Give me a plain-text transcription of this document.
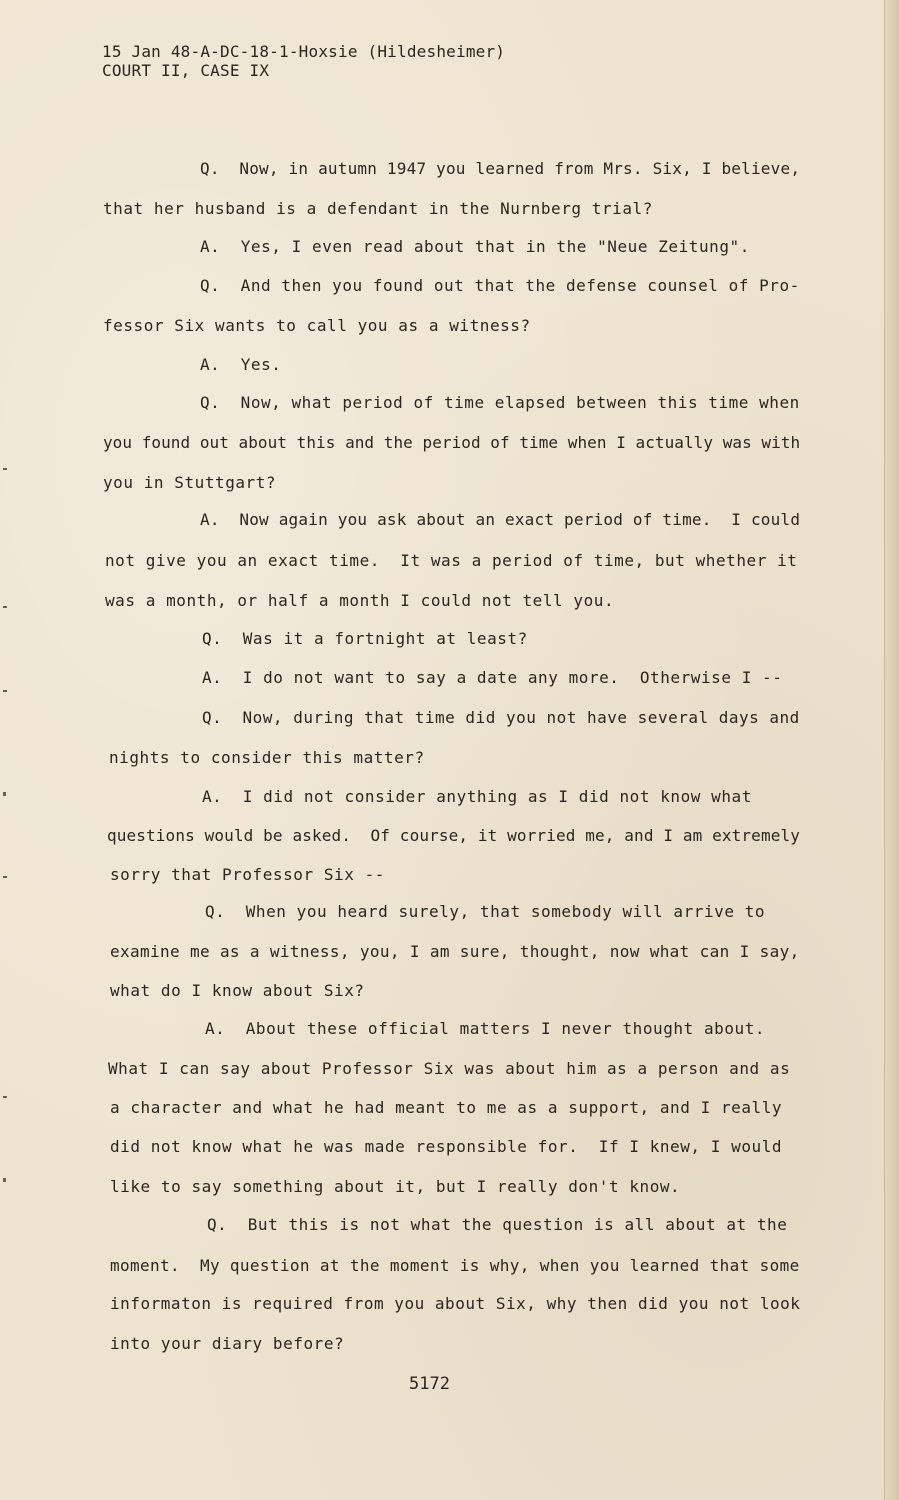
15 Jan 48-A-DC-18-1-Hoxsie (Hildesheimer)
COURT II, CASE IX
Q.  Now, in autumn 1947 you learned from Mrs. Six, I believe,
that her husband is a defendant in the Nurnberg trial?
A.  Yes, I even read about that in the "Neue Zeitung".
Q.  And then you found out that the defense counsel of Pro-
fessor Six wants to call you as a witness?
A.  Yes.
Q.  Now, what period of time elapsed between this time when
you found out about this and the period of time when I actually was with
you in Stuttgart?
A.  Now again you ask about an exact period of time.  I could
not give you an exact time.  It was a period of time, but whether it
was a month, or half a month I could not tell you.
Q.  Was it a fortnight at least?
A.  I do not want to say a date any more.  Otherwise I --
Q.  Now, during that time did you not have several days and
nights to consider this matter?
A.  I did not consider anything as I did not know what
questions would be asked.  Of course, it worried me, and I am extremely
sorry that Professor Six --
Q.  When you heard surely, that somebody will arrive to
examine me as a witness, you, I am sure, thought, now what can I say,
what do I know about Six?
A.  About these official matters I never thought about.
What I can say about Professor Six was about him as a person and as
a character and what he had meant to me as a support, and I really
did not know what he was made responsible for.  If I knew, I would
like to say something about it, but I really don't know.
Q.  But this is not what the question is all about at the
moment.  My question at the moment is why, when you learned that some
informaton is required from you about Six, why then did you not look
into your diary before?
5172
